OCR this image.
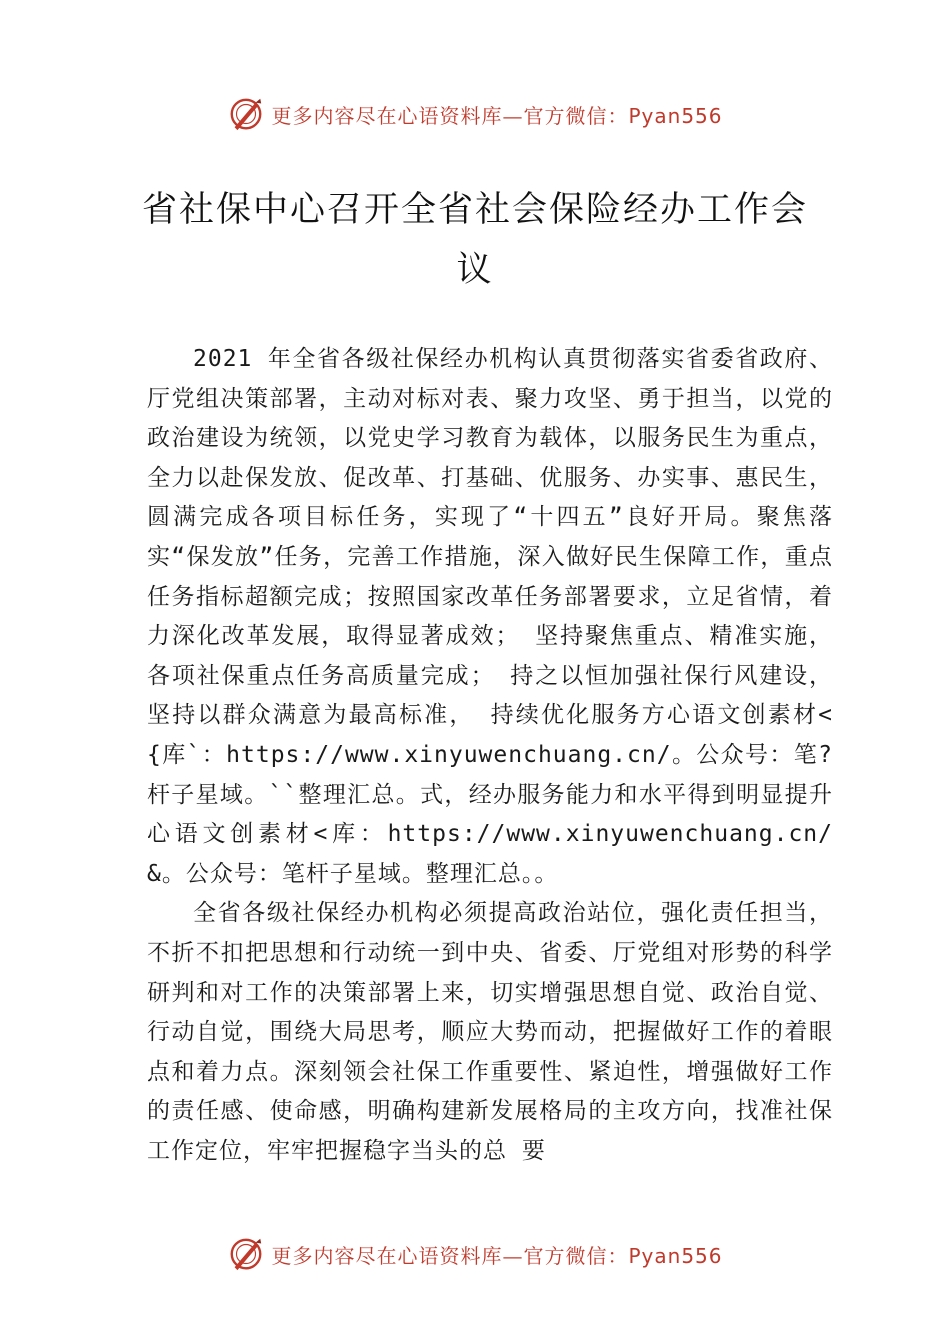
更多内容尽在心语资料库—官方微信：Pyan556
省社保中心召开全省社会保险经办工作会议

2021 年全省各级社保经办机构认真贯彻落实省委省政府、厅党组决策部署，主动对标对表、聚力攻坚、勇于担当，以党的政治建设为统领，以党史学习教育为载体，以服务民生为重点，全力以赴保发放、促改革、打基础、优服务、办实事、惠民生，圆满完成各项目标任务，实现了“十四五”良好开局。聚焦落实“保发放”任务，完善工作措施，深入做好民生保障工作，重点任务指标超额完成；按照国家改革任务部署要求，立足省情，着力深化改革发展，取得显著成效； 坚持聚焦重点、精准实施，各项社保重点任务高质量完成； 持之以恒加强社保行风建设，坚持以群众满意为最高标准， 持续优化服务方心语文创素材<{库`：https://www.xinyuwenchuang.cn/。公众号：笔?杆子星域。``整理汇总。式，经办服务能力和水平得到明显提升心语文创素材<库：https://www.xinyuwenchuang.cn/&。公众号：笔杆子星域。整理汇总。。

全省各级社保经办机构必须提高政治站位，强化责任担当，不折不扣把思想和行动统一到中央、省委、厅党组对形势的科学研判和对工作的决策部署上来，切实增强思想自觉、政治自觉、行动自觉，围绕大局思考，顺应大势而动，把握做好工作的着眼点和着力点。深刻领会社保工作重要性、紧迫性，增强做好工作的责任感、使命感，明确构建新发展格局的主攻方向，找准社保工作定位，牢牢把握稳字当头的总 要

更多内容尽在心语资料库—官方微信：Pyan556
